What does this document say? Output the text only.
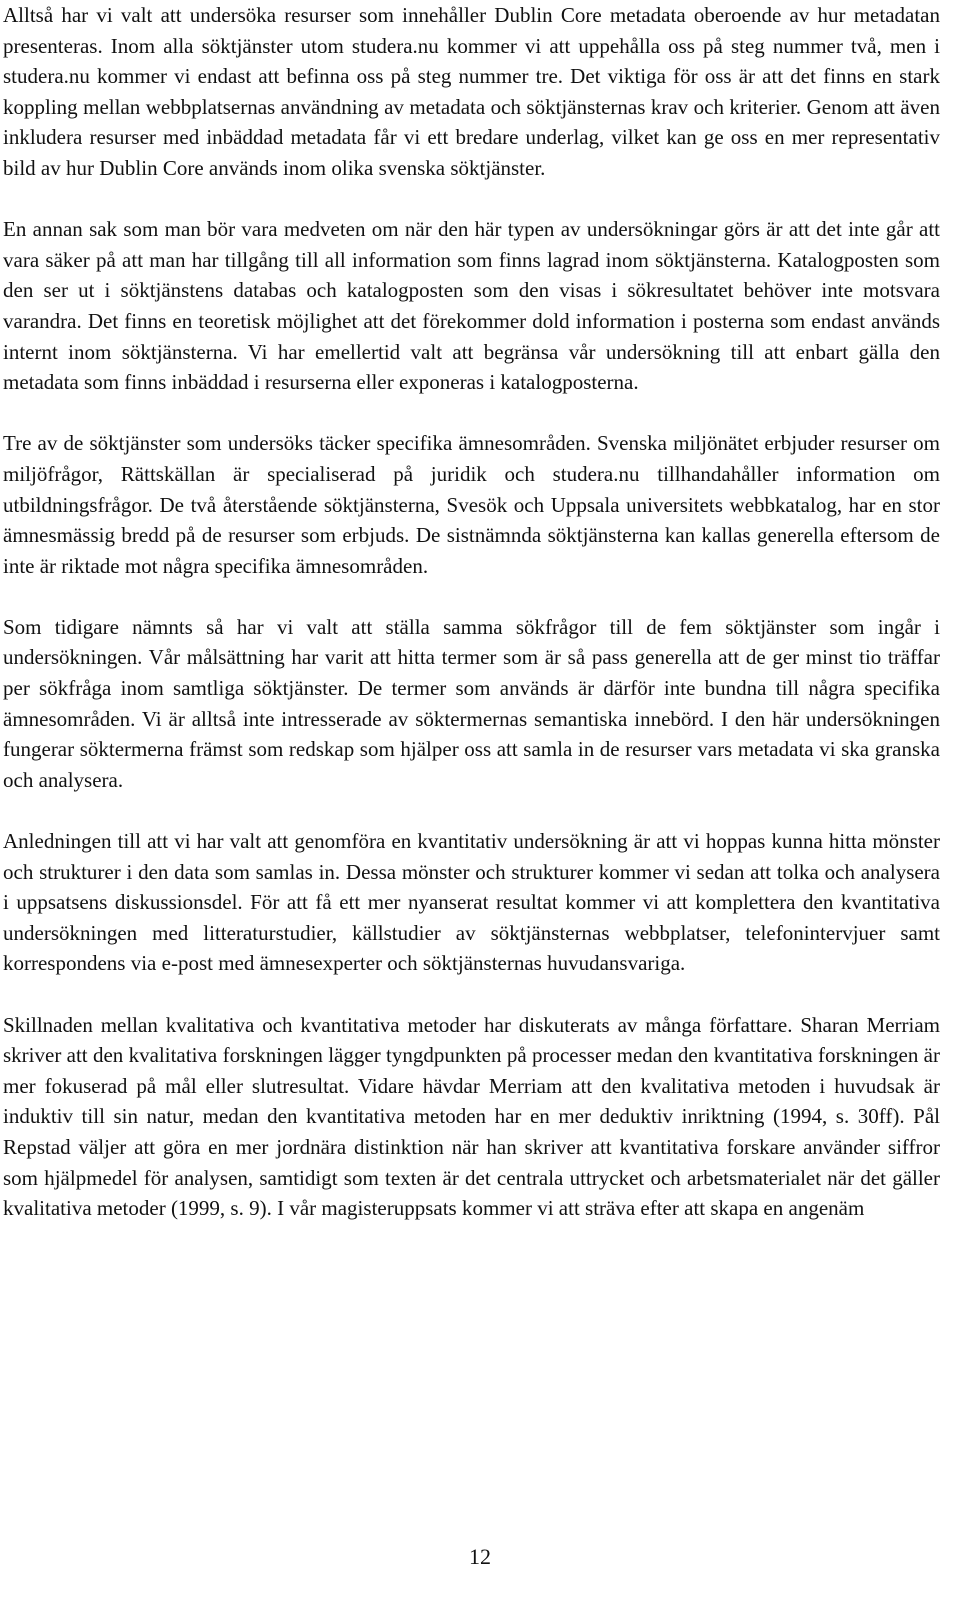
Alltså har vi valt att undersöka resurser som innehåller Dublin Core metadata oberoende av hur metadatan presenteras. Inom alla söktjänster utom studera.nu kommer vi att uppehålla oss på steg nummer två, men i studera.nu kommer vi endast att befinna oss på steg nummer tre. Det viktiga för oss är att det finns en stark koppling mellan webbplatsernas användning av metadata och söktjänsternas krav och kriterier. Genom att även inkludera resurser med inbäddad metadata får vi ett bredare underlag, vilket kan ge oss en mer representativ bild av hur Dublin Core används inom olika svenska söktjänster.

En annan sak som man bör vara medveten om när den här typen av undersökningar görs är att det inte går att vara säker på att man har tillgång till all information som finns lagrad inom söktjänsterna. Katalogposten som den ser ut i söktjänstens databas och katalogposten som den visas i sökresultatet behöver inte motsvara varandra. Det finns en teoretisk möjlighet att det förekommer dold information i posterna som endast används internt inom söktjänsterna. Vi har emellertid valt att begränsa vår undersökning till att enbart gälla den metadata som finns inbäddad i resurserna eller exponeras i katalogposterna.

Tre av de söktjänster som undersöks täcker specifika ämnesområden. Svenska miljönätet erbjuder resurser om miljöfrågor, Rättskällan är specialiserad på juridik och studera.nu tillhandahåller information om utbildningsfrågor. De två återstående söktjänsterna, Svesök och Uppsala universitets webbkatalog, har en stor ämnesmässig bredd på de resurser som erbjuds. De sistnämnda söktjänsterna kan kallas generella eftersom de inte är riktade mot några specifika ämnesområden.

Som tidigare nämnts så har vi valt att ställa samma sökfrågor till de fem söktjänster som ingår i undersökningen. Vår målsättning har varit att hitta termer som är så pass generella att de ger minst tio träffar per sökfråga inom samtliga söktjänster. De termer som används är därför inte bundna till några specifika ämnesområden. Vi är alltså inte intresserade av söktermernas semantiska innebörd. I den här undersökningen fungerar söktermerna främst som redskap som hjälper oss att samla in de resurser vars metadata vi ska granska och analysera.

Anledningen till att vi har valt att genomföra en kvantitativ undersökning är att vi hoppas kunna hitta mönster och strukturer i den data som samlas in. Dessa mönster och strukturer kommer vi sedan att tolka och analysera i uppsatsens diskussionsdel. För att få ett mer nyanserat resultat kommer vi att komplettera den kvantitativa undersökningen med litteraturstudier, källstudier av söktjänsternas webbplatser, telefonintervjuer samt korrespondens via e-post med ämnesexperter och söktjänsternas huvudansvariga.

Skillnaden mellan kvalitativa och kvantitativa metoder har diskuterats av många författare. Sharan Merriam skriver att den kvalitativa forskningen lägger tyngdpunkten på processer medan den kvantitativa forskningen är mer fokuserad på mål eller slutresultat. Vidare hävdar Merriam att den kvalitativa metoden i huvudsak är induktiv till sin natur, medan den kvantitativa metoden har en mer deduktiv inriktning (1994, s. 30ff). Pål Repstad väljer att göra en mer jordnära distinktion när han skriver att kvantitativa forskare använder siffror som hjälpmedel för analysen, samtidigt som texten är det centrala uttrycket och arbetsmaterialet när det gäller kvalitativa metoder (1999, s. 9). I vår magisteruppsats kommer vi att sträva efter att skapa en angenäm

12
